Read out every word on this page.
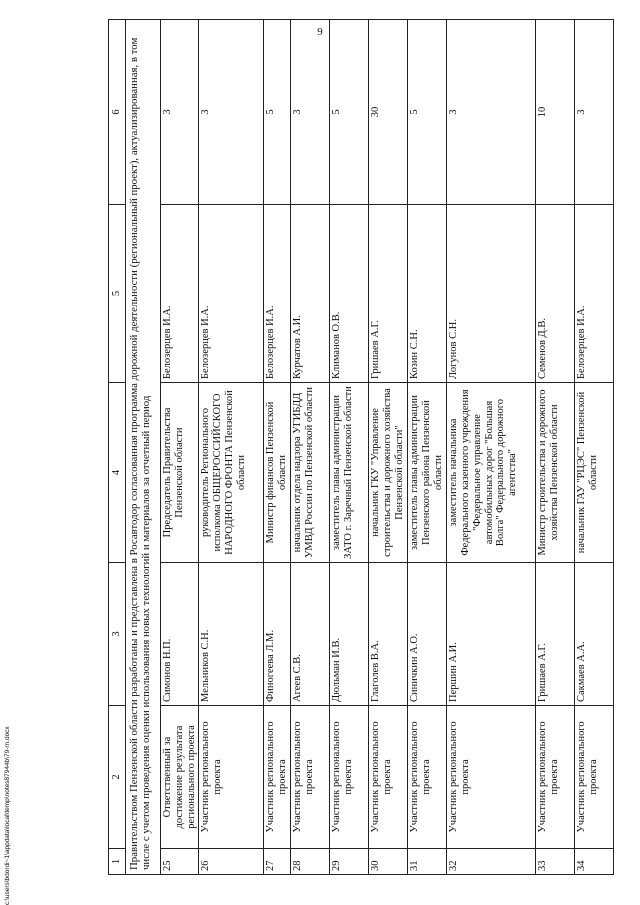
9
c:\users\bdordi~1\appdata\local\temp\notes87944b\79-rn.docx	1	2	3	4	5	6
Правительством Пензенской области разработаны и представлена в Росавтодор согласованная программа дорожной деятельности (региональный проект), актуализированная, в том числе с учетом проведения оценки использования новых технологий и материалов за отчетный период					
25	Ответственный за достижение результата регионального проекта	Симонов Н.П.	Председатель Правительства Пензенской области	Белозерцев И.А.	3
26	Участник регионального проекта	Мельников С.Н.	руководитель Регионального исполкома ОБЩЕРОССИЙСКОГО НАРОДНОГО ФРОНТА Пензенской области	Белозерцев И.А.	3
27	Участник регионального проекта	Финогеева Л.М.	Министр финансов Пензенской области	Белозерцев И.А.	5
28	Участник регионального проекта	Агеев С.В.	начальник отдела надзора УГИБДД УМВД России по Пензенской области	Курчатов А.И.	3
29	Участник регионального проекта	Дюльман И.В.	заместитель главы администрации ЗАТО г. Заречный Пензенской области	Климанов О.В.	5
30	Участник регионального проекта	Глаголев В.А.	начальник ГКУ "Управление строительства и дорожного хозяйства Пензенской области"	Гришаев А.Г.	30
31	Участник регионального проекта	Синичкин А.О.	заместитель главы администрации Пензенского района Пензенской области	Козин С.Н.	5
32	Участник регионального проекта	Першин А.И.	заместитель начальника Федерального казенного учреждения "Федеральное управление автомобильных дорог "Большая Волга" Федерального дорожного агентства"	Логунов С.Н.	3
33	Участник регионального проекта	Гришаев А.Г.	Министр строительства и дорожного хозяйства Пензенской области	Семенов Д.В.	10
34	Участник регионального проекта	Сакмаев А.А.	начальник ГАУ "РЦЭС" Пензенской области	Белозерцев И.А.	3
